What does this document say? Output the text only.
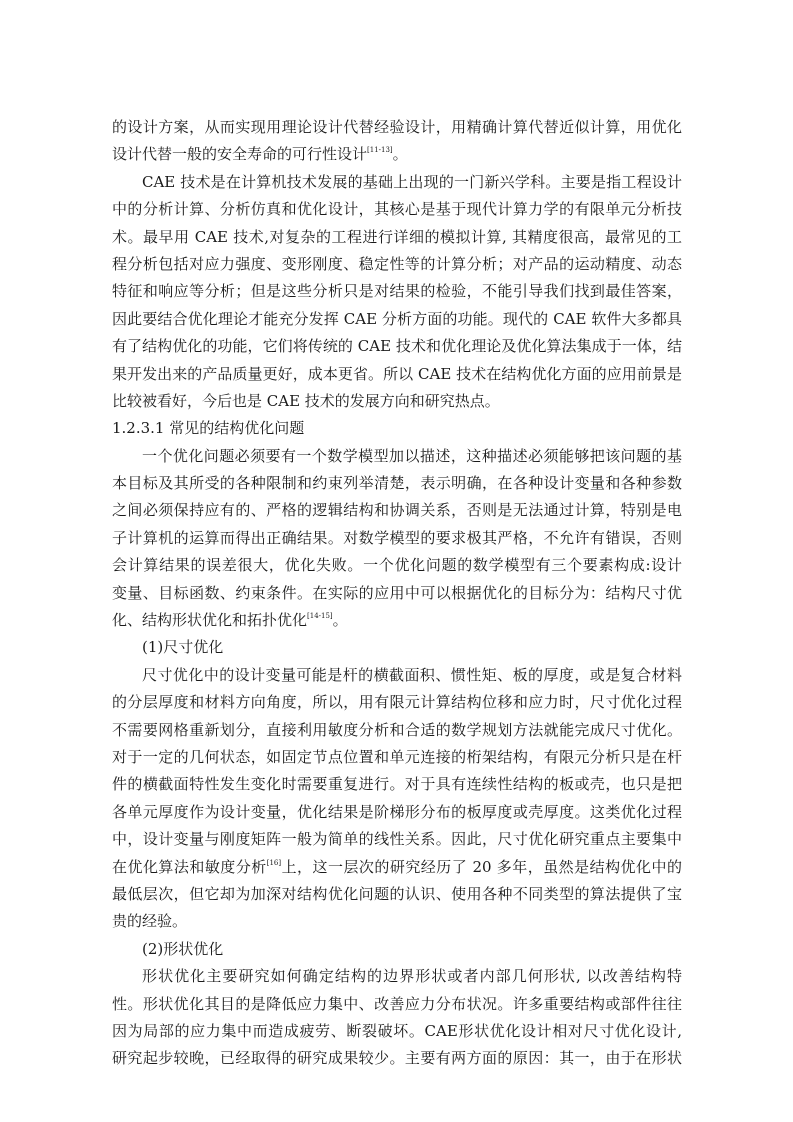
的设计方案，从而实现用理论设计代替经验设计，用精确计算代替近似计算，用优化
设计代替一般的安全寿命的可行性设计[11-13]。
CAE 技术是在计算机技术发展的基础上出现的一门新兴学科。主要是指工程设计
中的分析计算、分析仿真和优化设计，其核心是基于现代计算力学的有限单元分析技
术。最早用 CAE 技术,对复杂的工程进行详细的模拟计算, 其精度很高，最常见的工
程分析包括对应力强度、变形刚度、稳定性等的计算分析；对产品的运动精度、动态
特征和响应等分析；但是这些分析只是对结果的检验，不能引导我们找到最佳答案，
因此要结合优化理论才能充分发挥 CAE 分析方面的功能。现代的 CAE 软件大多都具
有了结构优化的功能，它们将传统的 CAE 技术和优化理论及优化算法集成于一体，结
果开发出来的产品质量更好，成本更省。所以 CAE 技术在结构优化方面的应用前景是
比较被看好，今后也是 CAE 技术的发展方向和研究热点。
1.2.3.1 常见的结构优化问题
一个优化问题必须要有一个数学模型加以描述，这种描述必须能够把该问题的基
本目标及其所受的各种限制和约束列举清楚，表示明确，在各种设计变量和各种参数
之间必须保持应有的、严格的逻辑结构和协调关系，否则是无法通过计算，特别是电
子计算机的运算而得出正确结果。对数学模型的要求极其严格，不允许有错误，否则
会计算结果的误差很大，优化失败。一个优化问题的数学模型有三个要素构成:设计
变量、目标函数、约束条件。在实际的应用中可以根据优化的目标分为：结构尺寸优
化、结构形状优化和拓扑优化[14-15]。
(1)尺寸优化
尺寸优化中的设计变量可能是杆的横截面积、惯性矩、板的厚度，或是复合材料
的分层厚度和材料方向角度，所以，用有限元计算结构位移和应力时，尺寸优化过程
不需要网格重新划分，直接利用敏度分析和合适的数学规划方法就能完成尺寸优化。
对于一定的几何状态，如固定节点位置和单元连接的桁架结构，有限元分析只是在杆
件的横截面特性发生变化时需要重复进行。对于具有连续性结构的板或壳，也只是把
各单元厚度作为设计变量，优化结果是阶梯形分布的板厚度或壳厚度。这类优化过程
中，设计变量与刚度矩阵一般为简单的线性关系。因此，尺寸优化研究重点主要集中
在优化算法和敏度分析[16]上，这一层次的研究经历了 20 多年，虽然是结构优化中的
最低层次，但它却为加深对结构优化问题的认识、使用各种不同类型的算法提供了宝
贵的经验。
(2)形状优化
形状优化主要研究如何确定结构的边界形状或者内部几何形状, 以改善结构特
性。形状优化其目的是降低应力集中、改善应力分布状况。许多重要结构或部件往往
因为局部的应力集中而造成疲劳、断裂破坏。CAE形状优化设计相对尺寸优化设计,
研究起步较晚，已经取得的研究成果较少。主要有两方面的原因：其一，由于在形状
